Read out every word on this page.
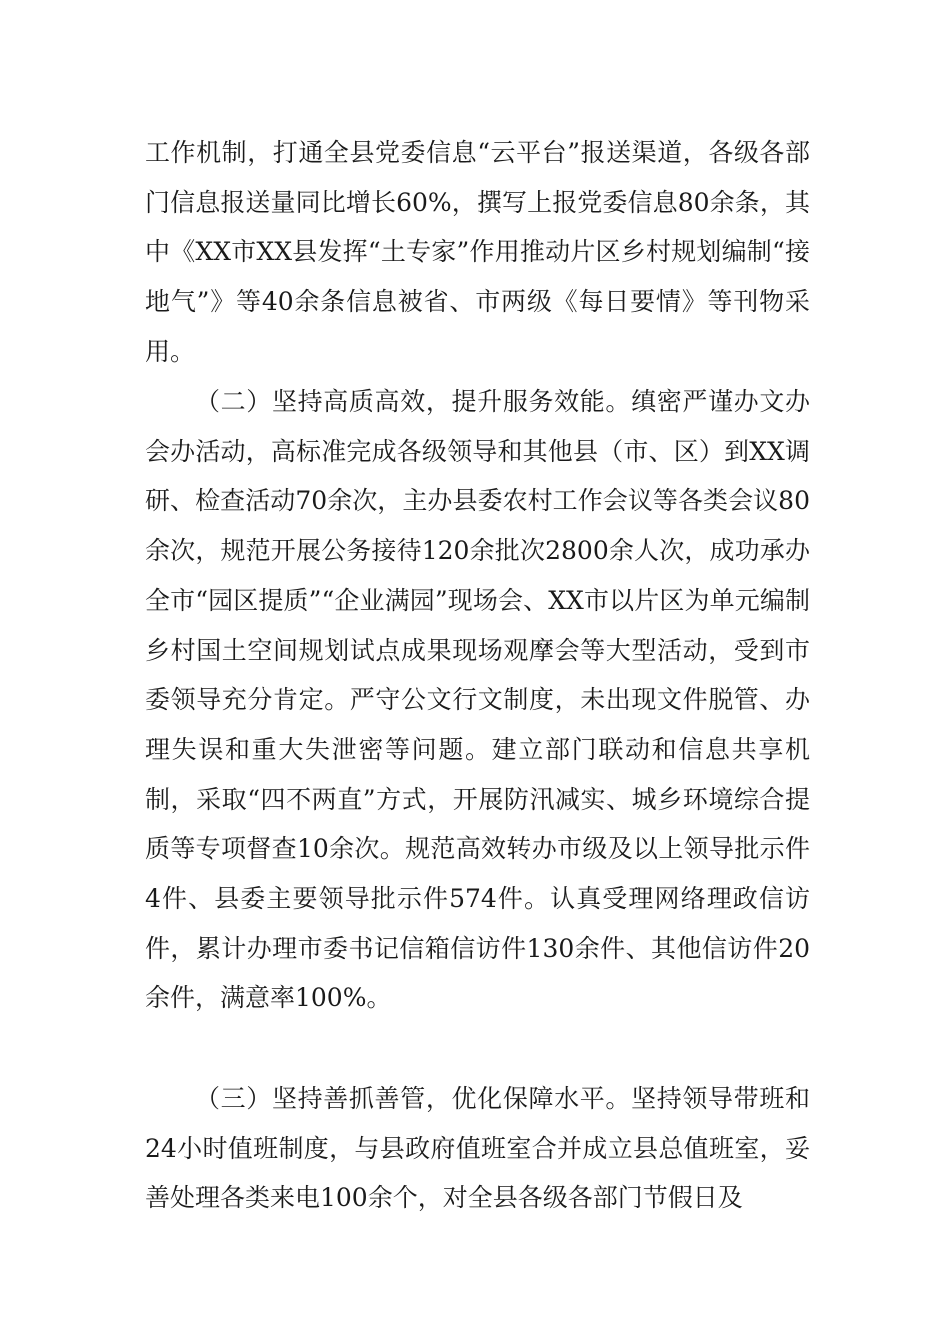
工作机制，打通全县党委信息“云平台”报送渠道，各级各部门信息报送量同比增长60%，撰写上报党委信息80余条，其中《XX市XX县发挥“土专家”作用推动片区乡村规划编制“接地气”》等40余条信息被省、市两级《每日要情》等刊物采用。

（二）坚持高质高效，提升服务效能。缜密严谨办文办会办活动，高标准完成各级领导和其他县（市、区）到XX调研、检查活动70余次，主办县委农村工作会议等各类会议80余次，规范开展公务接待120余批次2800余人次，成功承办全市“园区提质”“企业满园”现场会、XX市以片区为单元编制乡村国土空间规划试点成果现场观摩会等大型活动，受到市委领导充分肯定。严守公文行文制度，未出现文件脱管、办理失误和重大失泄密等问题。建立部门联动和信息共享机制，采取“四不两直”方式，开展防汛减实、城乡环境综合提质等专项督查10余次。规范高效转办市级及以上领导批示件4件、县委主要领导批示件574件。认真受理网络理政信访件，累计办理市委书记信箱信访件130余件、其他信访件20余件，满意率100%。

（三）坚持善抓善管，优化保障水平。坚持领导带班和24小时值班制度，与县政府值班室合并成立县总值班室，妥善处理各类来电100余个，对全县各级各部门节假日及
